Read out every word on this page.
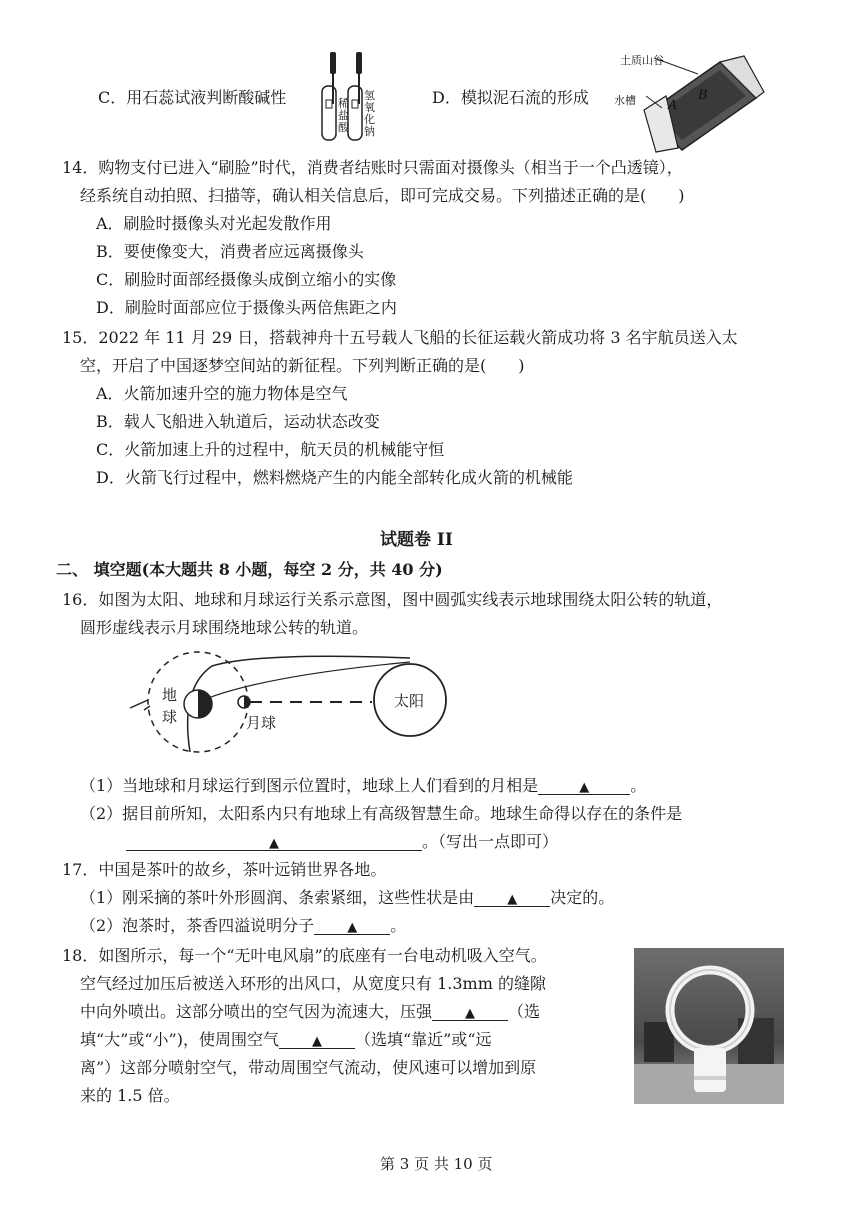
C．用石蕊试液判断酸碱性	稀盐酸
氢氧化钠
D．模拟泥石流的形成
土质山谷
水槽 A
B
14．购物支付已进入“刷脸”时代，消费者结账时只需面对摄像头（相当于一个凸透镜），
经系统自动拍照、扫描等，确认相关信息后，即可完成交易。下列描述正确的是(　　)
A．刷脸时摄像头对光起发散作用
B．要使像变大，消费者应远离摄像头
C．刷脸时面部经摄像头成倒立缩小的实像
D．刷脸时面部应位于摄像头两倍焦距之内
15．2022 年 11 月 29 日，搭载神舟十五号载人飞船的长征运载火箭成功将 3 名宇航员送入太
空，开启了中国逐梦空间站的新征程。下列判断正确的是(　　)
A．火箭加速升空的施力物体是空气
B．载人飞船进入轨道后，运动状态改变
C．火箭加速上升的过程中，航天员的机械能守恒
D．火箭飞行过程中，燃料燃烧产生的内能全部转化成火箭的机械能
试题卷 II
二、 填空题(本大题共 8 小题，每空 2 分，共 40 分)
16．如图为太阳、地球和月球运行关系示意图，图中圆弧实线表示地球围绕太阳公转的轨道，
圆形虚线表示月球围绕地球公转的轨道。
地球	月球
太阳
（1）当地球和月球运行到图示位置时，地球上人们看到的月相是	▲	。
（2）据目前所知，太阳系内只有地球上有高级智慧生命。地球生命得以存在的条件是
▲	。（写出一点即可）
17．中国是茶叶的故乡，茶叶远销世界各地。
（1）刚采摘的茶叶外形圆润、条索紧细，这些性状是由	▲ 决定的。
（2）泡茶时，茶香四溢说明分子	▲ 。
18．如图所示，每一个“无叶电风扇”的底座有一台电动机吸入空气。
空气经过加压后被送入环形的出风口，从宽度只有 1.3mm 的缝隙
中向外喷出。这部分喷出的空气因为流速大，压强	▲ （选
填“大”或“小”)，使周围空气	▲ （选填“靠近”或“远
离”）这部分喷射空气，带动周围空气流动，使风速可以增加到原
来的 1.5 倍。
第 3 页 共 10 页
